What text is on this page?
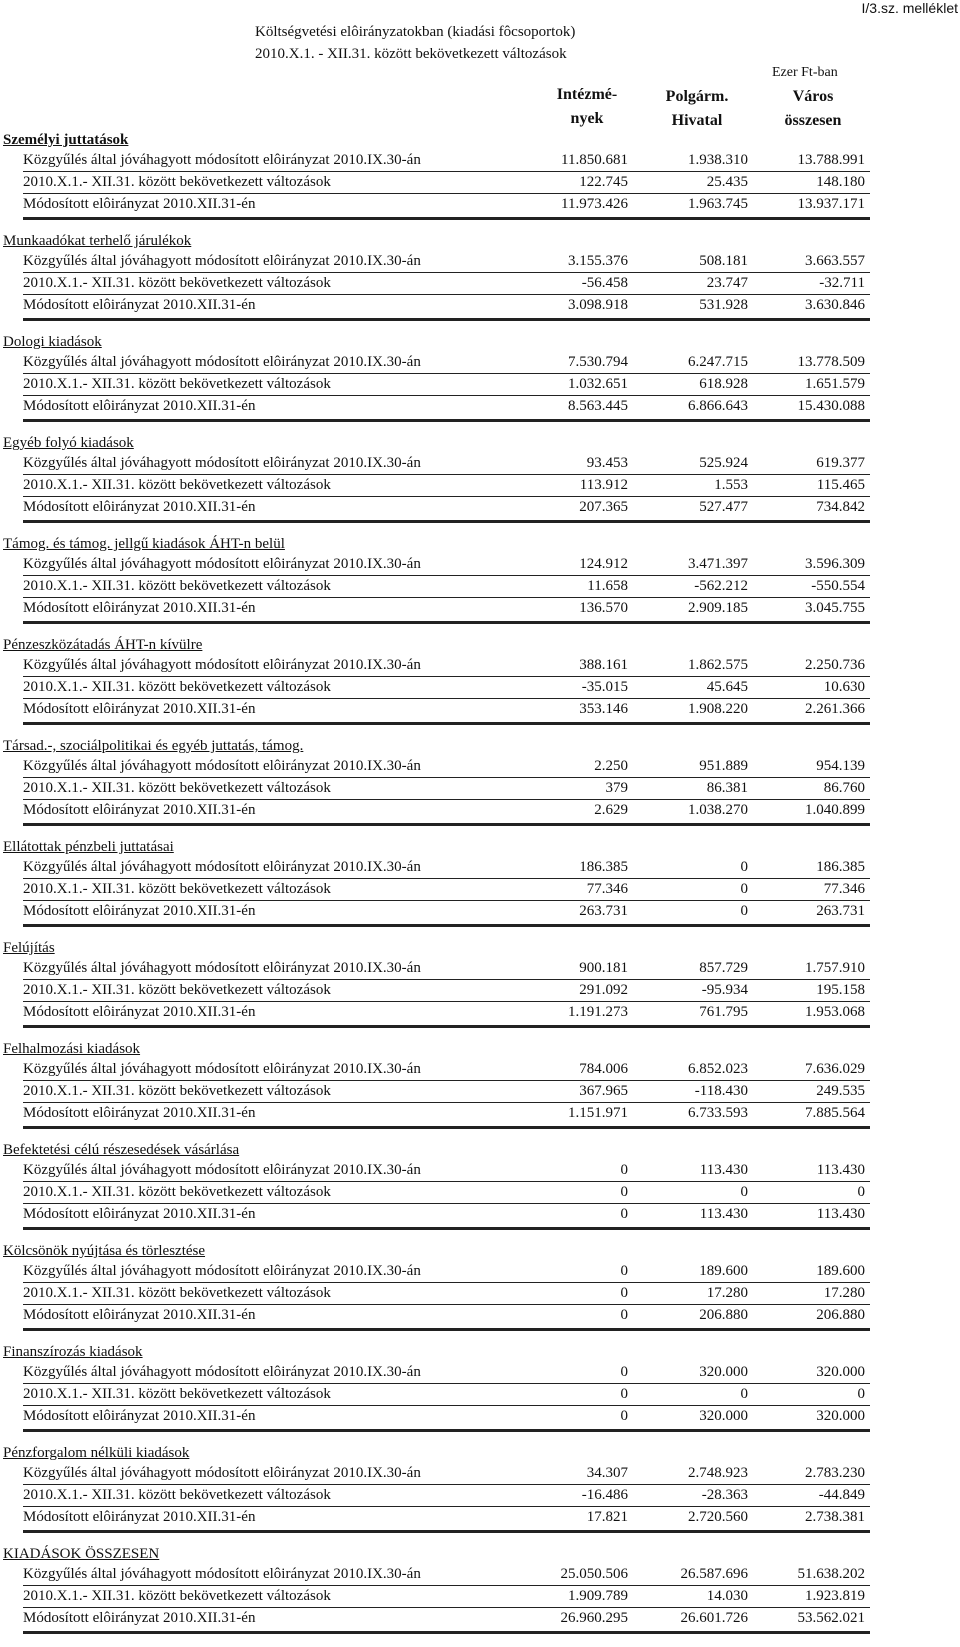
I/3.sz. melléklet
Költségvetési elôirányzatokban (kiadási fôcsoportok)
2010.X.1. - XII.31. között bekövetkezett változások
Ezer Ft-ban
Intézmé-
nyek
Polgárm.
Hivatal
Város
összesen
Személyi juttatások
Közgyűlés által jóváhagyott módosított elôirányzat 2010.IX.30-án	11.850.681	1.938.310	13.788.991
2010.X.1.- XII.31. között bekövetkezett változások	122.745	25.435	148.180
Módosított elôirányzat 2010.XII.31-én	11.973.426	1.963.745	13.937.171
Munkaadókat terhelő járulékok
Közgyűlés által jóváhagyott módosított elôirányzat 2010.IX.30-án	3.155.376	508.181	3.663.557
2010.X.1.- XII.31. között bekövetkezett változások	-56.458	23.747	-32.711
Módosított elôirányzat 2010.XII.31-én	3.098.918	531.928	3.630.846
Dologi kiadások
Közgyűlés által jóváhagyott módosított elôirányzat 2010.IX.30-án	7.530.794	6.247.715	13.778.509
2010.X.1.- XII.31. között bekövetkezett változások	1.032.651	618.928	1.651.579
Módosított elôirányzat 2010.XII.31-én	8.563.445	6.866.643	15.430.088
Egyéb folyó kiadások
Közgyűlés által jóváhagyott módosított elôirányzat 2010.IX.30-án	93.453	525.924	619.377
2010.X.1.- XII.31. között bekövetkezett változások	113.912	1.553	115.465
Módosított elôirányzat 2010.XII.31-én	207.365	527.477	734.842
Támog. és támog. jellgű kiadások ÁHT-n belül
Közgyűlés által jóváhagyott módosított elôirányzat 2010.IX.30-án	124.912	3.471.397	3.596.309
2010.X.1.- XII.31. között bekövetkezett változások	11.658	-562.212	-550.554
Módosított elôirányzat 2010.XII.31-én	136.570	2.909.185	3.045.755
Pénzeszközátadás ÁHT-n kívülre
Közgyűlés által jóváhagyott módosított elôirányzat 2010.IX.30-án	388.161	1.862.575	2.250.736
2010.X.1.- XII.31. között bekövetkezett változások	-35.015	45.645	10.630
Módosított elôirányzat 2010.XII.31-én	353.146	1.908.220	2.261.366
Társad.-, szociálpolitikai és egyéb juttatás, támog.
Közgyűlés által jóváhagyott módosított elôirányzat 2010.IX.30-án	2.250	951.889	954.139
2010.X.1.- XII.31. között bekövetkezett változások	379	86.381	86.760
Módosított elôirányzat 2010.XII.31-én	2.629	1.038.270	1.040.899
Ellátottak pénzbeli juttatásai
Közgyűlés által jóváhagyott módosított elôirányzat 2010.IX.30-án	186.385	0	186.385
2010.X.1.- XII.31. között bekövetkezett változások	77.346	0	77.346
Módosított elôirányzat 2010.XII.31-én	263.731	0	263.731
Felújítás
Közgyűlés által jóváhagyott módosított elôirányzat 2010.IX.30-án	900.181	857.729	1.757.910
2010.X.1.- XII.31. között bekövetkezett változások	291.092	-95.934	195.158
Módosított elôirányzat 2010.XII.31-én	1.191.273	761.795	1.953.068
Felhalmozási kiadások
Közgyűlés által jóváhagyott módosított elôirányzat 2010.IX.30-án	784.006	6.852.023	7.636.029
2010.X.1.- XII.31. között bekövetkezett változások	367.965	-118.430	249.535
Módosított elôirányzat 2010.XII.31-én	1.151.971	6.733.593	7.885.564
Befektetési célú részesedések vásárlása
Közgyűlés által jóváhagyott módosított elôirányzat 2010.IX.30-án	0	113.430	113.430
2010.X.1.- XII.31. között bekövetkezett változások	0	0	0
Módosított elôirányzat 2010.XII.31-én	0	113.430	113.430
Kölcsönök nyújtása és törlesztése
Közgyűlés által jóváhagyott módosított elôirányzat 2010.IX.30-án	0	189.600	189.600
2010.X.1.- XII.31. között bekövetkezett változások	0	17.280	17.280
Módosított elôirányzat 2010.XII.31-én	0	206.880	206.880
Finanszírozás kiadások
Közgyűlés által jóváhagyott módosított elôirányzat 2010.IX.30-án	0	320.000	320.000
2010.X.1.- XII.31. között bekövetkezett változások	0	0	0
Módosított elôirányzat 2010.XII.31-én	0	320.000	320.000
Pénzforgalom nélküli kiadások
Közgyűlés által jóváhagyott módosított elôirányzat 2010.IX.30-án	34.307	2.748.923	2.783.230
2010.X.1.- XII.31. között bekövetkezett változások	-16.486	-28.363	-44.849
Módosított elôirányzat 2010.XII.31-én	17.821	2.720.560	2.738.381
KIADÁSOK ÖSSZESEN
Közgyűlés által jóváhagyott módosított elôirányzat 2010.IX.30-án	25.050.506	26.587.696	51.638.202
2010.X.1.- XII.31. között bekövetkezett változások	1.909.789	14.030	1.923.819
Módosított elôirányzat 2010.XII.31-én	26.960.295	26.601.726	53.562.021
